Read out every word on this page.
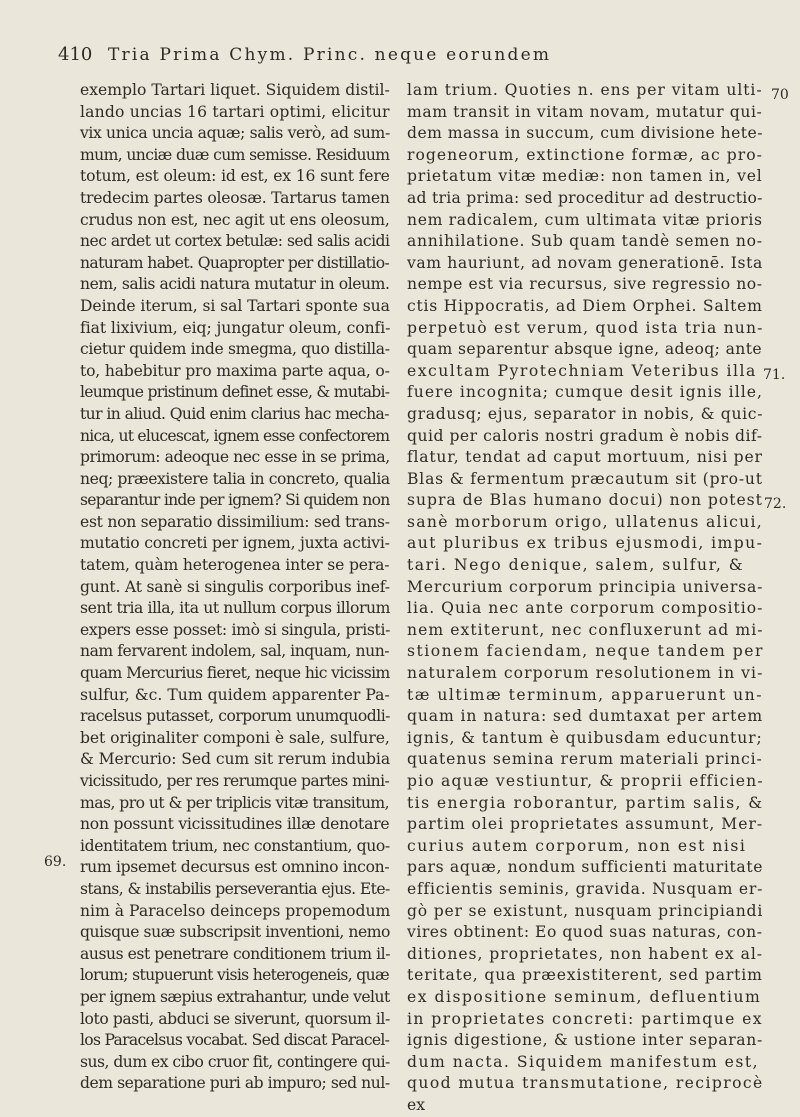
410 Tria Prima Chym. Princ. neque eorundem
exemplo Tartari liquet. Siquidem distil-
lando uncias 16 tartari optimi, elicitur
vix unica uncia aquæ; salis verò, ad sum-
mum, unciæ duæ cum semisse. Residuum
totum, est oleum: id est, ex 16 sunt fere
tredecim partes oleosæ. Tartarus tamen
crudus non est, nec agit ut ens oleosum,
nec ardet ut cortex betulæ: sed salis acidi
naturam habet. Quapropter per distillatio-
nem, salis acidi natura mutatur in oleum.
Deinde iterum, si sal Tartari sponte sua
fiat lixivium, eiq; jungatur oleum, confi-
cietur quidem inde smegma, quo distilla-
to, habebitur pro maxima parte aqua, o-
leumque pristinum definet esse, & mutabi-
tur in aliud. Quid enim clarius hac mecha-
nica, ut elucescat, ignem esse confectorem
primorum: adeoque nec esse in se prima,
neq; præexistere talia in concreto, qualia
separantur inde per ignem? Si quidem non
est non separatio dissimilium: sed trans-
mutatio concreti per ignem, juxta activi-
tatem, quàm heterogenea inter se pera-
gunt. At sanè si singulis corporibus inef-
sent tria illa, ita ut nullum corpus illorum
expers esse posset: imò si singula, pristi-
nam fervarent indolem, sal, inquam, nun-
quam Mercurius fieret, neque hic vicissim
sulfur, &c. Tum quidem apparenter Pa-
racelsus putasset, corporum unumquodli-
bet originaliter componi è sale, sulfure,
& Mercurio: Sed cum sit rerum indubia
vicissitudo, per res rerumque partes mini-
mas, pro ut & per triplicis vitæ transitum,
non possunt vicissitudines illæ denotare
identitatem trium, nec constantium, quo-
rum ipsemet decursus est omnino incon-
stans, & instabilis perseverantia ejus. Ete-
nim à Paracelso deinceps propemodum
quisque suæ subscripsit inventioni, nemo
ausus est penetrare conditionem trium il-
lorum; stupuerunt visis heterogeneis, quæ
per ignem sæpius extrahantur, unde velut
loto pasti, abduci se siverunt, quorsum il-
los Paracelsus vocabat. Sed discat Paracel-
sus, dum ex cibo cruor fit, contingere qui-
dem separatione puri ab impuro; sed nul-
lam trium. Quoties n. ens per vitam ulti-
mam transit in vitam novam, mutatur qui-
dem massa in succum, cum divisione hete-
rogeneorum, extinctione formæ, ac pro-
prietatum vitæ mediæ: non tamen in, vel
ad tria prima: sed proceditur ad destructio-
nem radicalem, cum ultimata vitæ prioris
annihilatione. Sub quam tandè semen no-
vam hauriunt, ad novam generationē. Ista
nempe est via recursus, sive regressio no-
ctis Hippocratis, ad Diem Orphei. Saltem
perpetuò est verum, quod ista tria nun-
quam separentur absque igne, adeoq; ante
excultam Pyrotechniam Veteribus illa
fuere incognita; cumque desit ignis ille,
gradusq; ejus, separator in nobis, & quic-
quid per caloris nostri gradum è nobis dif-
flatur, tendat ad caput mortuum, nisi per
Blas & fermentum præcautum sit (pro-ut
supra de Blas humano docui) non potest
sanè morborum origo, ullatenus alicui,
aut pluribus ex tribus ejusmodi, impu-
tari. Nego denique, salem, sulfur, &
Mercurium corporum principia universa-
lia. Quia nec ante corporum compositio-
nem extiterunt, nec confluxerunt ad mi-
stionem faciendam, neque tandem per
naturalem corporum resolutionem in vi-
tæ ultimæ terminum, apparuerunt un-
quam in natura: sed dumtaxat per artem
ignis, & tantum è quibusdam educuntur;
quatenus semina rerum materiali princi-
pio aquæ vestiuntur, & proprii efficien-
tis energia roborantur, partim salis, &
partim olei proprietates assumunt, Mer-
curius autem corporum, non est nisi
pars aquæ, nondum sufficienti maturitate
efficientis seminis, gravida. Nusquam er-
gò per se existunt, nusquam principiandi
vires obtinent: Eo quod suas naturas, con-
ditiones, proprietates, non habent ex al-
teritate, qua præexistiterent, sed partim
ex dispositione seminum, defluentium
in proprietates concreti: partimque ex
ignis digestione, & ustione inter separan-
dum nacta. Siquidem manifestum est,
quod mutua transmutatione, reciprocè
ex
69.
70
71.
72.
